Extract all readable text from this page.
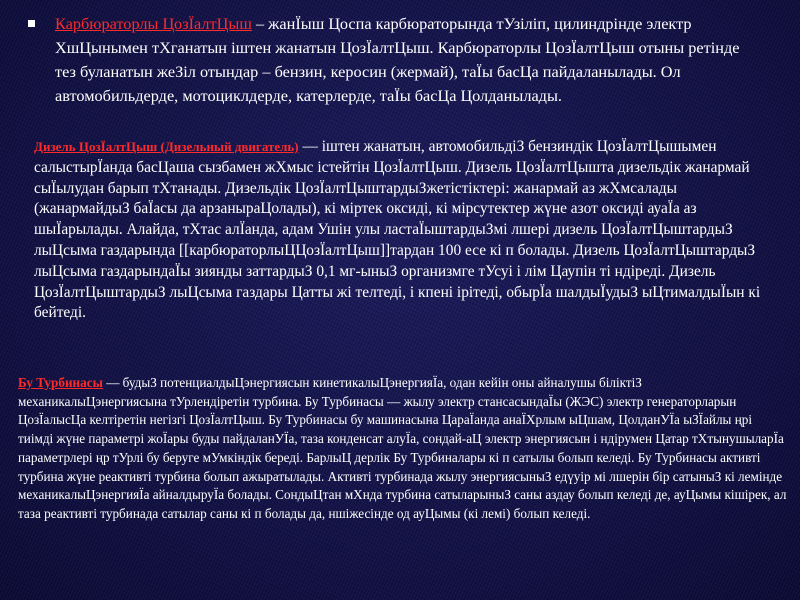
Карбюраторлы ЦозЇалтЦыш – жанЇыш Цоспа карбюраторында тУзіліп, цилиндрінде электр ХшЦынымен тХганатын іштен жанатын ЦозЇалтЦыш. Карбюраторлы ЦозЇалтЦыш отыны ретінде тез буланатын жеЗіл отындар – бензин, керосин (жермай), таЇы басЦа пайдаланылады. Ол автомобильдерде, мотоциклдерде, катерлерде, таЇы басЦа Цолданылады.

Дизель ЦозЇалтЦыш (Дизельный двигатель) — іштен жанатын, автомобильдіЗ бензиндік ЦозЇалтЦышымен салыстырЇанда басЦаша сызбамен жХмыс істейтін ЦозЇалтЦыш. Дизель ЦозЇалтЦышта дизельдік жанармай сыЇылудан барып тХтанады. Дизельдік ЦозЇалтЦыштардыЗжетістіктері: жанармай аз жХмсалады (жанармайдыЗ баЇасы да арзаныраЦолады), кі міртек оксиді, кі мірсутектер жүне азот оксиді ауаЇа аз шыЇарылады. Алайда, тХтас алЇанда, адам Ушін улы ластаЇыштардыЗмі лшері дизель ЦозЇалтЦыштардыЗ лыЦсыма газдарында [[карбюраторлыЦЦозЇалтЦыш]]тардан 100 есе кі п болады. Дизель ЦозЇалтЦыштардыЗ лыЦсыма газдарындаЇы зиянды заттардыЗ 0,1 мг-ыныЗ организмге тУсуі і лім Цаупін ті ндіреді. Дизель ЦозЇалтЦыштардыЗ лыЦсыма газдары Цатты жі телтеді, і кпені ірітеді, обырЇа шалдыЇудыЗ ыЦтималдыЇын кі бейтеді.

Бу Турбинасы — будыЗ потенциалдыЦэнергиясын кинетикалыЦэнергияЇа, одан кейін оны айналушы біліктіЗ механикалыЦэнергиясына тУрлендіретін турбина. Бу Турбинасы — жылу электр стансасындаЇы (ЖЭС) электр генераторларын ЦозЇалысЦа келтіретін негізгі ЦозЇалтЦыш. Бу Турбинасы бу машинасына ЦараЇанда анаЇХрлым ыЦшам, ЦолданУЇа ыЗЇайлы ңрі тиімді жүне параметрі жоЇары буды пайдаланУЇа, таза конденсат алуЇа, сондай-аЦ электр энергиясын і ндірумен Цатар тХтынушыларЇа параметрлері ңр тУрлі бу беруге мУмкіндік береді. БарлыЦ дерлік Бу Турбиналары кі п сатылы болып келеді. Бу Турбинасы активті турбина жүне реактивті турбина болып ажыратылады. Активті турбинада жылу энергиясыныЗ едүуір мі лшерін бір сатыныЗ кі лемінде механикалыЦэнергияЇа айналдыруЇа болады. СондыЦтан мХнда турбина сатыларыныЗ саны аздау болып келеді де, ауЦымы кішірек, ал таза реактивті турбинада сатылар саны кі п болады да, ншіжесінде од ауЦымы (кі лемі) болып келеді.
